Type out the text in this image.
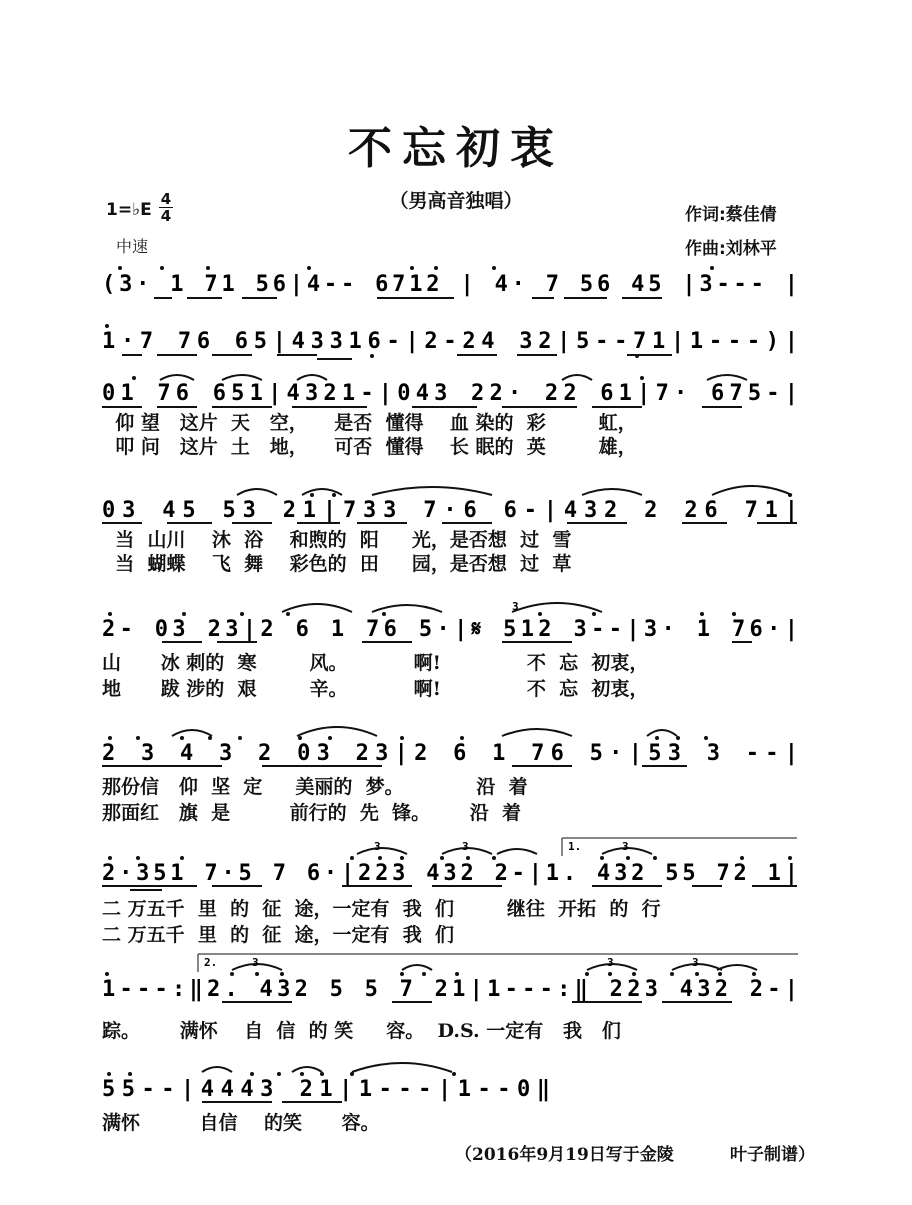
不忘初衷
（男高音独唱）
1=♭E
4
4
中速
作词:蔡佳倩
作曲:刘林平
(3· 1 71 56|4-- 6712 | 4· 7 56 45 |3--- |
1·7 76 65|43316-|2-24 32|5--71|1---)|
01 76 651|4321-|043 22· 22 61|7· 675-|
仰 望   这片  天   空，    是否  懂得    血 染的  彩        虹，
叩 问   这片  土   地，    可否  懂得    长 眠的  英        雄，
03 45 53 21|733 7·6 6-|432 2 26 71|
当  山川    沐  浴    和煦的  阳     光，是否想  过  雪
当  蝴蝶    飞  舞    彩色的  田     园，是否想  过  草
2- 03 23|2 6 1 76 5·|𝄋 512 3--|3· 1 76·|
3
山      冰 刺的  寒        风。          啊!             不  忘  初衷，
地      跋 涉的  艰        辛。          啊!             不  忘  初衷，
2 3 4 3 2 03 23|2 6 1 76 5·|53 3 --|
那份信   仰  坚  定     美丽的  梦。           沿  着
那面红   旗  是         前行的  先  锋。      沿  着
2·351 7·5 7 6·|223 432 2-|1. 432 55 72 1|
1.
3	3	3
二 万五千  里  的  征  途，一定有  我  们        继往  开拓  的  行
二 万五千  里  的  征  途，一定有  我  们
1---:‖2. 432 5 5 7 21|1---:‖ 223 432 2-|
2.	3	3	3
踪。      满怀    自  信  的 笑     容。  D.S. 一定有   我   们
55--|4443 21|1---|1--0‖
满怀         自信    的笑      容。
（2016年9月19日写于金陵	叶子制谱）
